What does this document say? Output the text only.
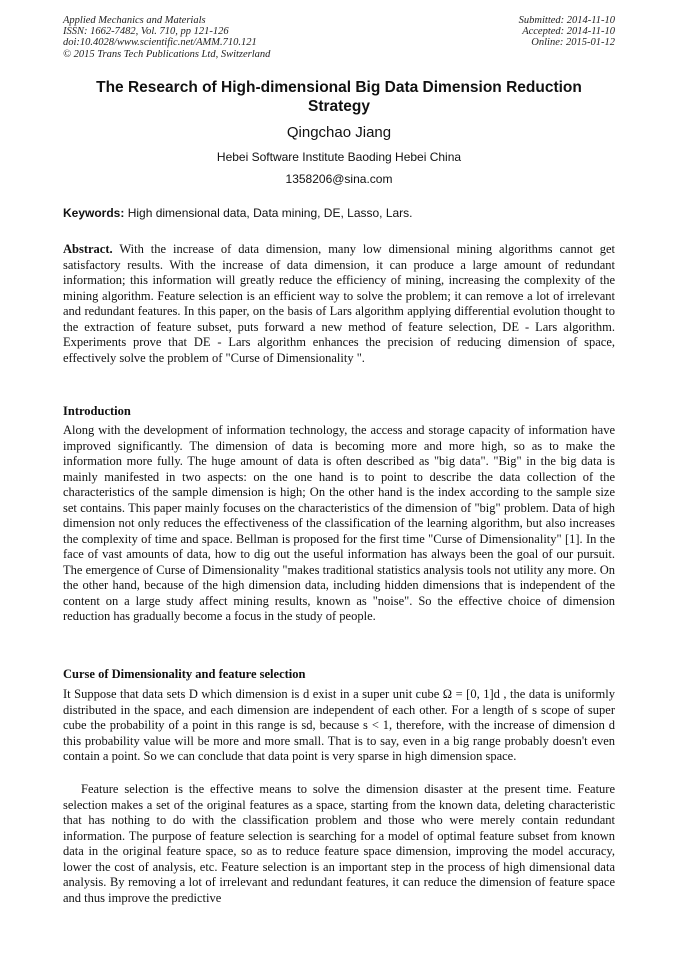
Applied Mechanics and Materials
ISSN: 1662-7482, Vol. 710, pp 121-126
doi:10.4028/www.scientific.net/AMM.710.121
© 2015 Trans Tech Publications Ltd, Switzerland
Submitted: 2014-11-10
Accepted: 2014-11-10
Online: 2015-01-12
The Research of High-dimensional Big Data Dimension Reduction Strategy
Qingchao Jiang
Hebei Software Institute Baoding Hebei China
1358206@sina.com
Keywords: High dimensional data, Data mining, DE, Lasso, Lars.

Abstract. With the increase of data dimension, many low dimensional mining algorithms cannot get satisfactory results. With the increase of data dimension, it can produce a large amount of redundant information; this information will greatly reduce the efficiency of mining, increasing the complexity of the mining algorithm. Feature selection is an efficient way to solve the problem; it can remove a lot of irrelevant and redundant features. In this paper, on the basis of Lars algorithm applying differential evolution thought to the extraction of feature subset, puts forward a new method of feature selection, DE - Lars algorithm. Experiments prove that DE - Lars algorithm enhances the precision of reducing dimension of space, effectively solve the problem of "Curse of Dimensionality ".

Introduction

Along with the development of information technology, the access and storage capacity of information have improved significantly. The dimension of data is becoming more and more high, so as to make the information more fully. The huge amount of data is often described as "big data". "Big" in the big data is mainly manifested in two aspects: on the one hand is to point to describe the data collection of the characteristics of the sample dimension is high; On the other hand is the index according to the sample size set contains. This paper mainly focuses on the characteristics of the dimension of "big" problem. Data of high dimension not only reduces the effectiveness of the classification of the learning algorithm, but also increases the complexity of time and space. Bellman is proposed for the first time "Curse of Dimensionality" [1]. In the face of vast amounts of data, how to dig out the useful information has always been the goal of our pursuit. The emergence of Curse of Dimensionality "makes traditional statistics analysis tools not utility any more. On the other hand, because of the high dimension data, including hidden dimensions that is independent of the content on a large study affect mining results, known as "noise". So the effective choice of dimension reduction has gradually become a focus in the study of people.

Curse of Dimensionality and feature selection

It Suppose that data sets D which dimension is d exist in a super unit cube Ω = [0, 1]d , the data is uniformly distributed in the space, and each dimension are independent of each other. For a length of s scope of super cube the probability of a point in this range is sd, because s < 1, therefore, with the increase of dimension d this probability value will be more and more small. That is to say, even in a big range probably doesn't even contain a point. So we can conclude that data point is very sparse in high dimension space.

Feature selection is the effective means to solve the dimension disaster at the present time. Feature selection makes a set of the original features as a space, starting from the known data, deleting characteristic that has nothing to do with the classification problem and those who were merely contain redundant information. The purpose of feature selection is searching for a model of optimal feature subset from known data in the original feature space, so as to reduce feature space dimension, improving the model accuracy, lower the cost of analysis, etc. Feature selection is an important step in the process of high dimensional data analysis. By removing a lot of irrelevant and redundant features, it can reduce the dimension of feature space and thus improve the predictive
